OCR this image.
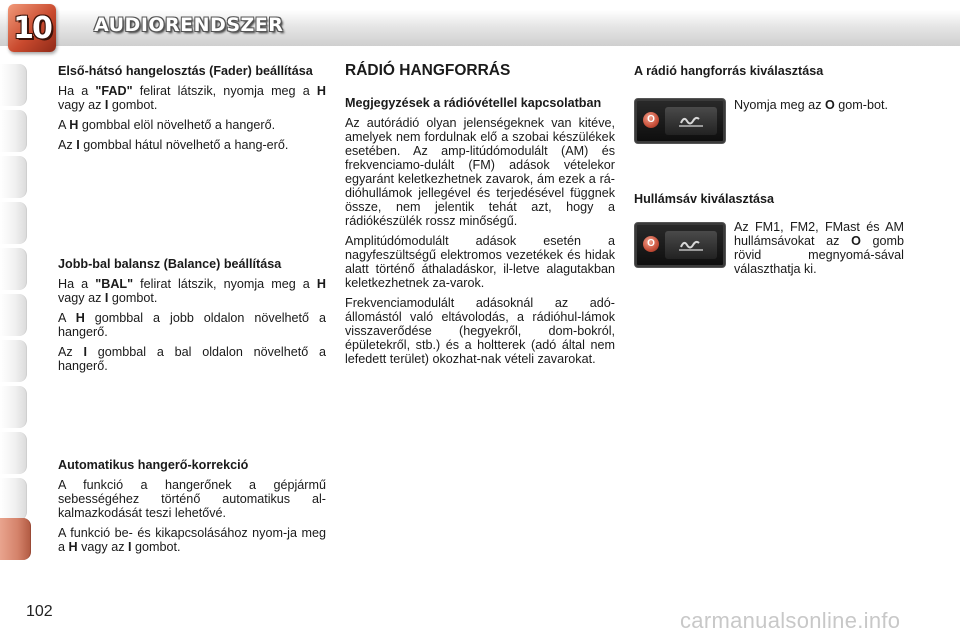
10 AUDIORENDSZER
Első-hátsó hangelosztás (Fader) beállítása

Ha a "FAD" felirat látszik, nyomja meg a H vagy az I gombot.

A H gombbal elöl növelhető a hangerő.

Az I gombbal hátul növelhető a hang-erő.

Jobb-bal balansz (Balance) beállítása

Ha a "BAL" felirat látszik, nyomja meg a H vagy az I gombot.

A H gombbal a jobb oldalon növelhető a hangerő.

Az I gombbal a bal oldalon növelhető a hangerő.

Automatikus hangerő-korrekció

A funkció a hangerőnek a gépjármű sebességéhez történő automatikus al-kalmazkodását teszi lehetővé.

A funkció be- és kikapcsolásához nyom-ja meg a H vagy az I gombot.

RÁDIÓ HANGFORRÁS
Megjegyzések a rádióvétellel kapcsolatban

Az autórádió olyan jelenségeknek van kitéve, amelyek nem fordulnak elő a szobai készülékek esetében. Az amp-litúdómodulált (AM) és frekvenciamo-dulált (FM) adások vételekor egyaránt keletkezhetnek zavarok, ám ezek a rá-dióhullámok jellegével és terjedésével függnek össze, nem jelentik tehát azt, hogy a rádiókészülék rossz minőségű.

Amplitúdómodulált adások esetén a nagyfeszültségű elektromos vezetékek és hidak alatt történő áthaladáskor, il-letve alagutakban keletkezhetnek za-varok.

Frekvenciamodulált adásoknál az adó-állomástól való eltávolodás, a rádióhul-lámok visszaverődése (hegyekről, dom-bokról, épületekről, stb.) és a holtterek (adó által nem lefedett terület) okozhat-nak vételi zavarokat.

A rádió hangforrás kiválasztása
O

Nyomja meg az O gom-bot.

Hullámsáv kiválasztása
O

Az FM1, FM2, FMast és AM hullámsávokat az O gomb rövid megnyomá-sával választhatja ki.

102	carmanualsonline.info
